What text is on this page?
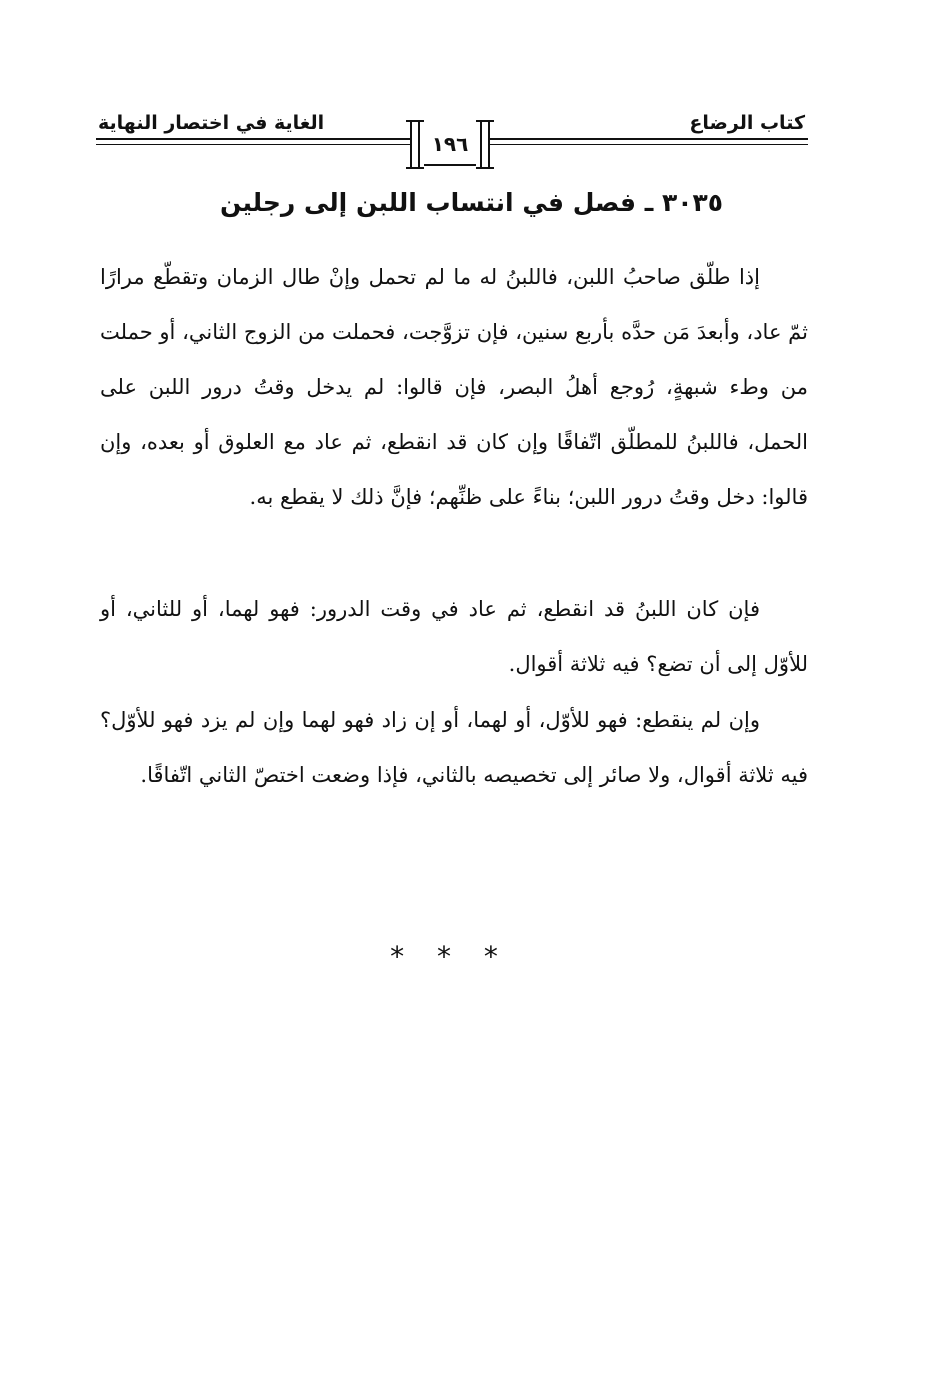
كتاب الرضاع
الغاية في اختصار النهاية
١٩٦
٣٠٣٥ ـ فصل في انتساب اللبن إلى رجلين

إذا طلّق صاحبُ اللبن، فاللبنُ له ما لم تحمل وإنْ طال الزمان وتقطّع مرارًا ثمّ عاد، وأبعدَ مَن حدَّه بأربع سنين، فإن تزوَّجت، فحملت من الزوج الثاني، أو حملت من وطء شبهةٍ، رُوجع أهلُ البصر، فإن قالوا: لم يدخل وقتُ درور اللبن على الحمل، فاللبنُ للمطلّق اتّفاقًا وإن كان قد انقطع، ثم عاد مع العلوق أو بعده، وإن قالوا: دخل وقتُ درور اللبن؛ بناءً على ظنِّهم؛ فإنَّ ذلك لا يقطع به.

فإن كان اللبنُ قد انقطع، ثم عاد في وقت الدرور: فهو لهما، أو للثاني، أو للأوّل إلى أن تضع؟ فيه ثلاثة أقوال.

وإن لم ينقطع: فهو للأوّل، أو لهما، أو إن زاد فهو لهما وإن لم يزد فهو للأوّل؟ فيه ثلاثة أقوال، ولا صائر إلى تخصيصه بالثاني، فإذا وضعت اختصّ الثاني اتّفاقًا.

* * *
